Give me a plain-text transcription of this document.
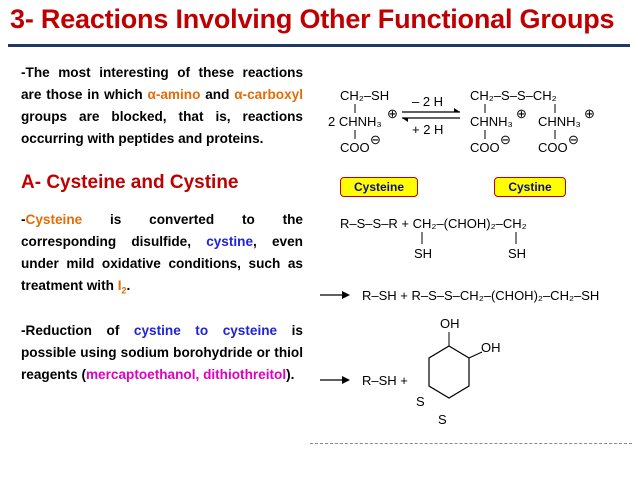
3- Reactions Involving Other Functional Groups

-The most interesting of these reactions are those in which α-amino and α-carboxyl groups are blocked, that is, reactions occurring with peptides and proteins.

A- Cysteine and Cystine

-Cysteine is converted to the corresponding disulfide, cystine, even under mild oxidative conditions, such as treatment with $I_2$.

-Reduction of cystine to cysteine is possible using sodium borohydride or thiol reagents (mercaptoethanol, dithiothreitol).

CH₂–SH
2 CHNH₃
⊕
COO
⊖
– 2 H
+ 2 H
CH₂–S–S–CH₂
CHNH₃
⊕
CHNH₃
⊕
COO
⊖
COO
⊖
R–S–S–R + CH₂–(CHOH)₂–CH₂
SH	SH
R–SH + R–S–S–CH₂–(CHOH)₂–CH₂–SH
OH
OH
S
S
R–SH +
Cysteine	Cystine
